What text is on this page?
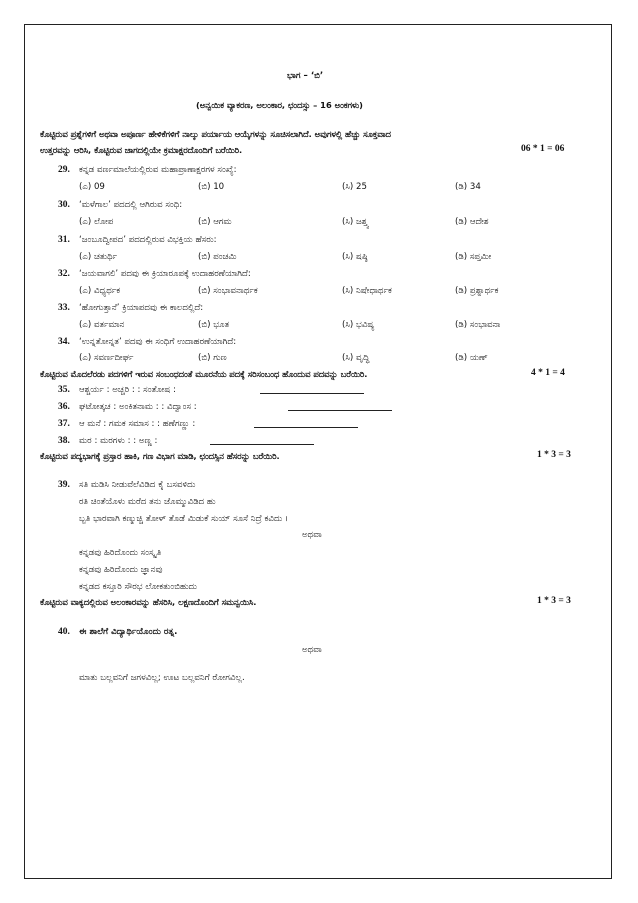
ಭಾಗ – ‘ಬಿ’
(ಅನ್ವಯಿಕ ವ್ಯಾಕರಣ, ಅಲಂಕಾರ, ಛಂದಸ್ಸು – 16 ಅಂಕಗಳು)
ಕೊಟ್ಟಿರುವ ಪ್ರಶ್ನೆಗಳಿಗೆ ಅಥವಾ ಅಪೂರ್ಣ ಹೇಳಿಕೆಗಳಿಗೆ ನಾಲ್ಕು ಪರ್ಯಾಯ ಆಯ್ಕೆಗಳನ್ನು ಸೂಚಿಸಲಾಗಿದೆ. ಅವುಗಳಲ್ಲಿ ಹೆಚ್ಚು ಸೂಕ್ತವಾದ
ಉತ್ತರವನ್ನು ಆರಿಸಿ, ಕೊಟ್ಟಿರುವ ಜಾಗದಲ್ಲಿಯೇ ಕ್ರಮಾಕ್ಷರದೊಂದಿಗೆ ಬರೆಯಿರಿ.	06 * 1 = 06
29. ಕನ್ನಡ ವರ್ಣಮಾಲೆಯಲ್ಲಿರುವ ಮಹಾಪ್ರಾಣಾಕ್ಷರಗಳ ಸಂಖ್ಯೆ:
(ಎ) 09	(ಬಿ) 10	(ಸಿ) 25	(ಡಿ) 34
30. ‘ಮಳೆಗಾಲ’ ಪದದಲ್ಲಿ ಆಗಿರುವ ಸಂಧಿ:
(ಎ) ಲೋಪ	(ಬಿ) ಆಗಮ	(ಸಿ) ಜಶ್ತ್ವ	(ಡಿ) ಆದೇಶ
31. ‘ಜಂಬೂದ್ವೀಪದ’ ಪದದಲ್ಲಿರುವ ವಿಭಕ್ತಿಯ ಹೆಸರು:
(ಎ) ಚತುರ್ಥಿ	(ಬಿ) ಪಂಚಮಿ	(ಸಿ) ಷಷ್ಠಿ	(ಡಿ) ಸಪ್ತಮೀ
32. ‘ಜಯವಾಗಲಿ’ ಪದವು ಈ ಕ್ರಿಯಾರೂಪಕ್ಕೆ ಉದಾಹರಣೆಯಾಗಿದೆ:
(ಎ) ವಿಧ್ಯರ್ಥಕ	(ಬಿ) ಸಂಭಾವನಾರ್ಥಕ	(ಸಿ) ನಿಷೇಧಾರ್ಥಕ	(ಡಿ) ಪ್ರಶ್ನಾರ್ಥಕ
33. ‘ಹೋಗುತ್ತಾನೆ’ ಕ್ರಿಯಾಪದವು ಈ ಕಾಲದಲ್ಲಿದೆ:
(ಎ) ವರ್ತಮಾನ	(ಬಿ) ಭೂತ	(ಸಿ) ಭವಿಷ್ಯ	(ಡಿ) ಸಂಭಾವನಾ
34. ‘ಉನ್ನತೋನ್ನತ’ ಪದವು ಈ ಸಂಧಿಗೆ ಉದಾಹರಣೆಯಾಗಿದೆ:
(ಎ) ಸವರ್ಣದೀರ್ಘ	(ಬಿ) ಗುಣ	(ಸಿ) ವೃದ್ಧಿ	(ಡಿ) ಯಣ್
ಕೊಟ್ಟಿರುವ ಮೊದಲೆರಡು ಪದಗಳಿಗೆ ಇರುವ ಸಂಬಂಧದಂತೆ ಮೂರನೆಯ ಪದಕ್ಕೆ ಸರಿಸಂಬಂಧ ಹೊಂದುವ ಪದವನ್ನು ಬರೆಯಿರಿ.	4 * 1 = 4
35. ಆಶ್ಚರ್ಯ : ಅಚ್ಚರಿ : : ಸಂತೋಷ :
36. ಘಟೋತ್ಕಚ : ಅಂಕಿತನಾಮ : : ವಿದ್ವಾಂಸ :
37. ಆ ಮನೆ : ಗಮಕ ಸಮಾಸ : : ಹಣೆಗಣ್ಣು :
38. ಮರ : ಮರಗಳು : : ಅಣ್ಣ :
ಕೊಟ್ಟಿರುವ ಪದ್ಯಭಾಗಕ್ಕೆ ಪ್ರಸ್ತಾರ ಹಾಕಿ, ಗಣ ವಿಭಾಗ ಮಾಡಿ, ಛಂದಸ್ಸಿನ ಹೆಸರನ್ನು ಬರೆಯಿರಿ.	1 * 3 = 3
39. ಸತಿ ಮಡಿಸಿ ನೀಡುವೆಲೆವಿಡಿದ ಕೈ ಬಸವಳಿದು
ರತಿ ಚಿಂತೆಯೊಳು ಮರೆದ ತನು ಜೊಮ್ಮುವಿಡಿದ ಹು
ಬ್ಬತಿ ಭಾರವಾಗಿ ಕಣ್ಮುಚ್ಚಿ ತೋಳ್ ತೊಡೆ ಮಿಡುಕೆ ಸುಯ್ ಸೂಸೆ ನಿದ್ರೆ ಕವಿದು ।
ಅಥವಾ
ಕನ್ನಡವು ಹಿರಿದೊಂದು ಸಂಸ್ಕೃತಿ
ಕನ್ನಡವು ಹಿರಿದೊಂದು ಜ್ಞಾನವು
ಕನ್ನಡದ ಕಸ್ತೂರಿ ಸೌರಭ ಲೋಕತುಂಬಿಹುದು
ಕೊಟ್ಟಿರುವ ವಾಕ್ಯದಲ್ಲಿರುವ ಅಲಂಕಾರವನ್ನು ಹೆಸರಿಸಿ, ಲಕ್ಷಣದೊಂದಿಗೆ ಸಮನ್ವಯಿಸಿ.	1 * 3 = 3
40. ಈ ಶಾಲೆಗೆ ವಿದ್ಯಾರ್ಥಿಯೊಂದು ರತ್ನ.
ಅಥವಾ
ಮಾತು ಬಲ್ಲವನಿಗೆ ಜಗಳವಿಲ್ಲ; ಊಟ ಬಲ್ಲವನಿಗೆ ರೋಗವಿಲ್ಲ.
